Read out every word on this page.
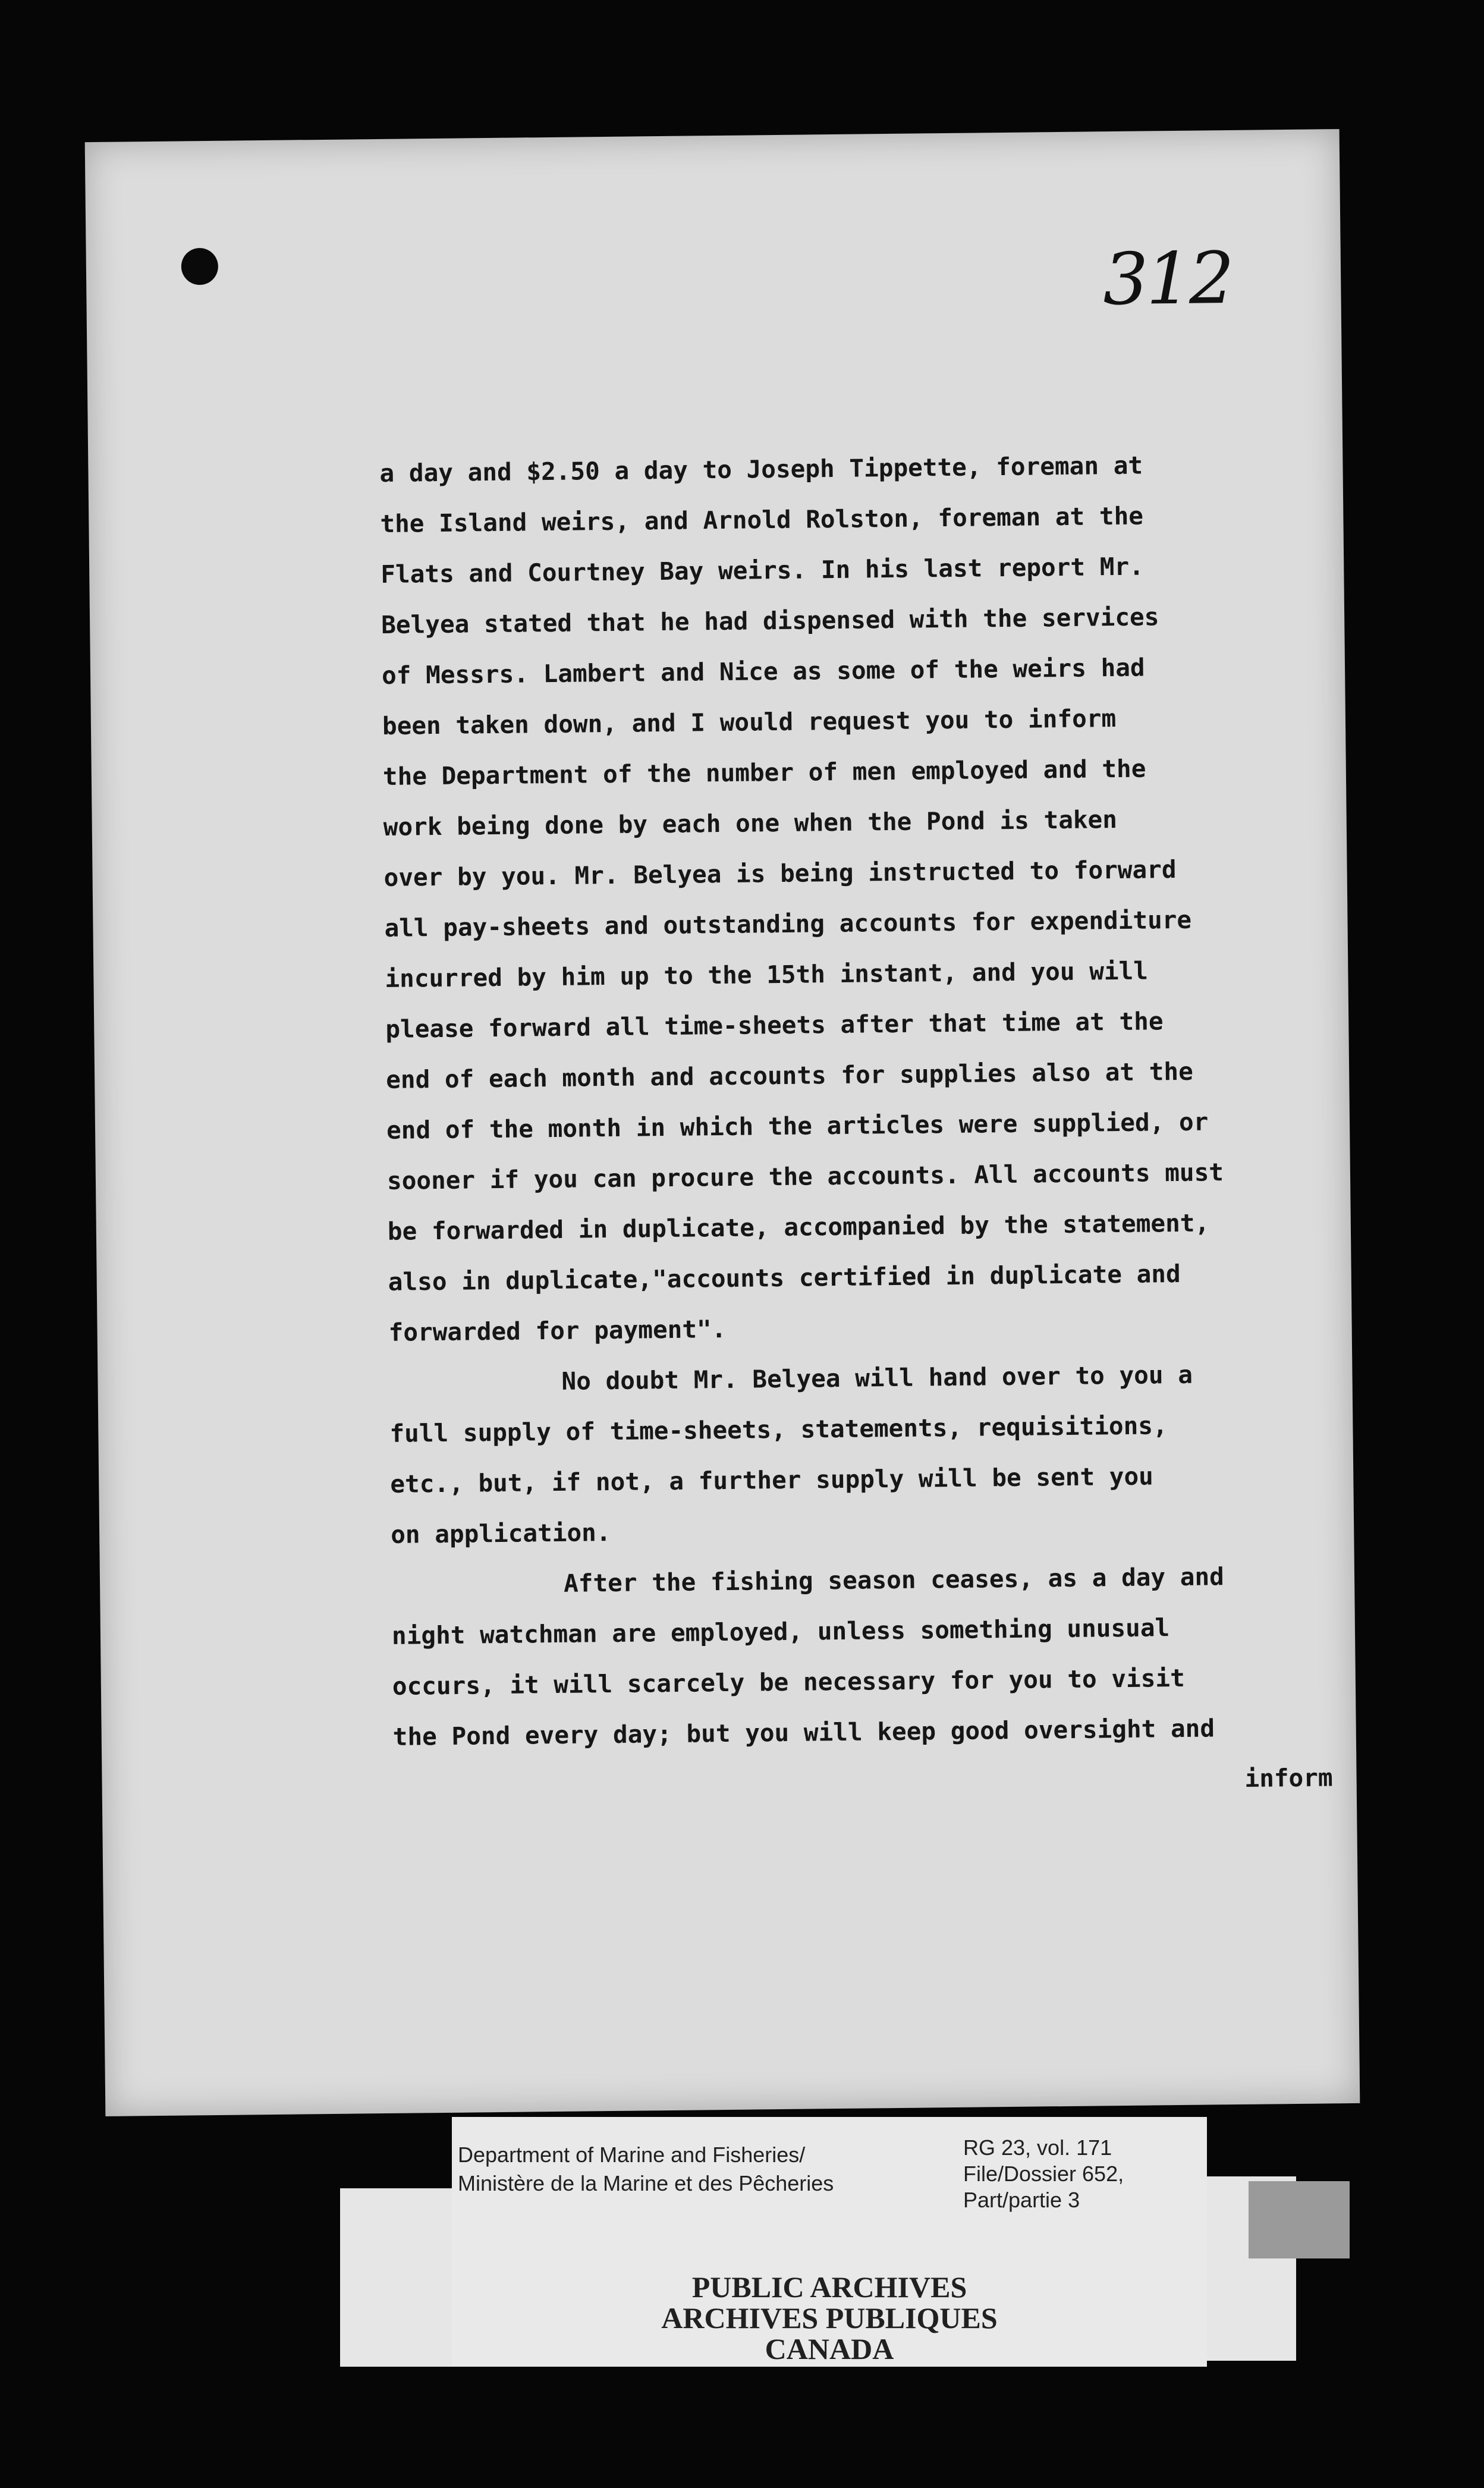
312
a day and $2.50 a day to Joseph Tippette, foreman at
the Island weirs, and Arnold Rolston, foreman at the
Flats and Courtney Bay weirs. In his last report Mr.
Belyea stated that he had dispensed with the services
of Messrs. Lambert and Nice as some of the weirs had
been taken down, and I would request you to inform
the Department of the number of men employed and the
work being done by each one when the Pond is taken
over by you. Mr. Belyea is being instructed to forward
all pay-sheets and outstanding accounts for expenditure
incurred by him up to the 15th instant, and you will
please forward all time-sheets after that time at the
end of each month and accounts for supplies also at the
end of the month in which the articles were supplied, or
sooner if you can procure the accounts. All accounts must
be forwarded in duplicate, accompanied by the statement,
also in duplicate,"accounts certified in duplicate and
forwarded for payment".
No doubt Mr. Belyea will hand over to you a
full supply of time-sheets, statements, requisitions,
etc., but, if not, a further supply will be sent you
on application.
After the fishing season ceases, as a day and
night watchman are employed, unless something unusual
occurs, it will scarcely be necessary for you to visit
the Pond every day; but you will keep good oversight and
inform
Department of Marine and Fisheries/
Ministère de la Marine et des Pêcheries
RG 23, vol. 171
File/Dossier 652,
Part/partie 3
PUBLIC ARCHIVES
ARCHIVES PUBLIQUES
CANADA
